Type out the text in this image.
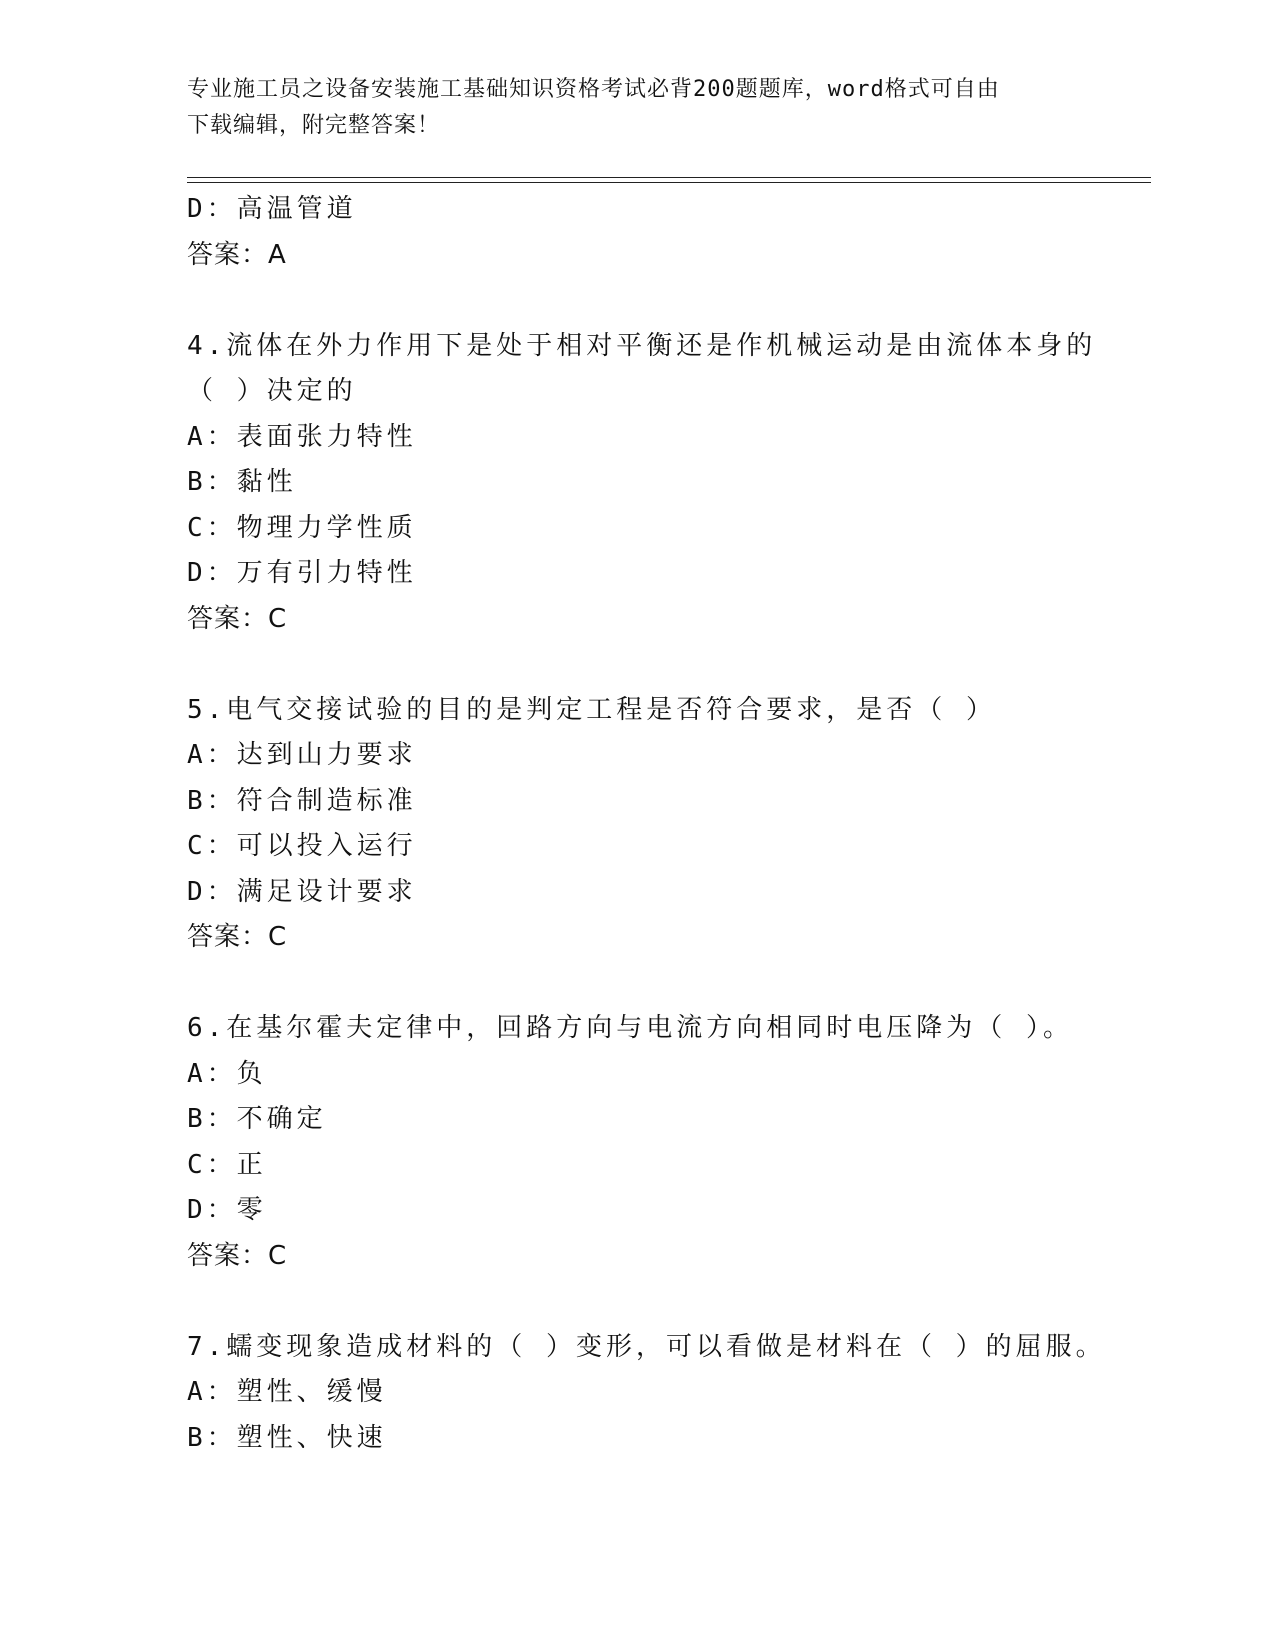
专业施工员之设备安装施工基础知识资格考试必背200题题库，word格式可自由
下载编辑，附完整答案！
D：高温管道
答案：A
4.流体在外力作用下是处于相对平衡还是作机械运动是由流体本身的
（ ）决定的
A：表面张力特性
B：黏性
C：物理力学性质
D：万有引力特性
答案：C
5.电气交接试验的目的是判定工程是否符合要求，是否（ ）
A：达到山力要求
B：符合制造标准
C：可以投入运行
D：满足设计要求
答案：C
6.在基尔霍夫定律中，回路方向与电流方向相同时电压降为（ ）。
A：负
B：不确定
C：正
D：零
答案：C
7.蠕变现象造成材料的（ ）变形，可以看做是材料在（ ）的屈服。
A：塑性、缓慢
B：塑性、快速
